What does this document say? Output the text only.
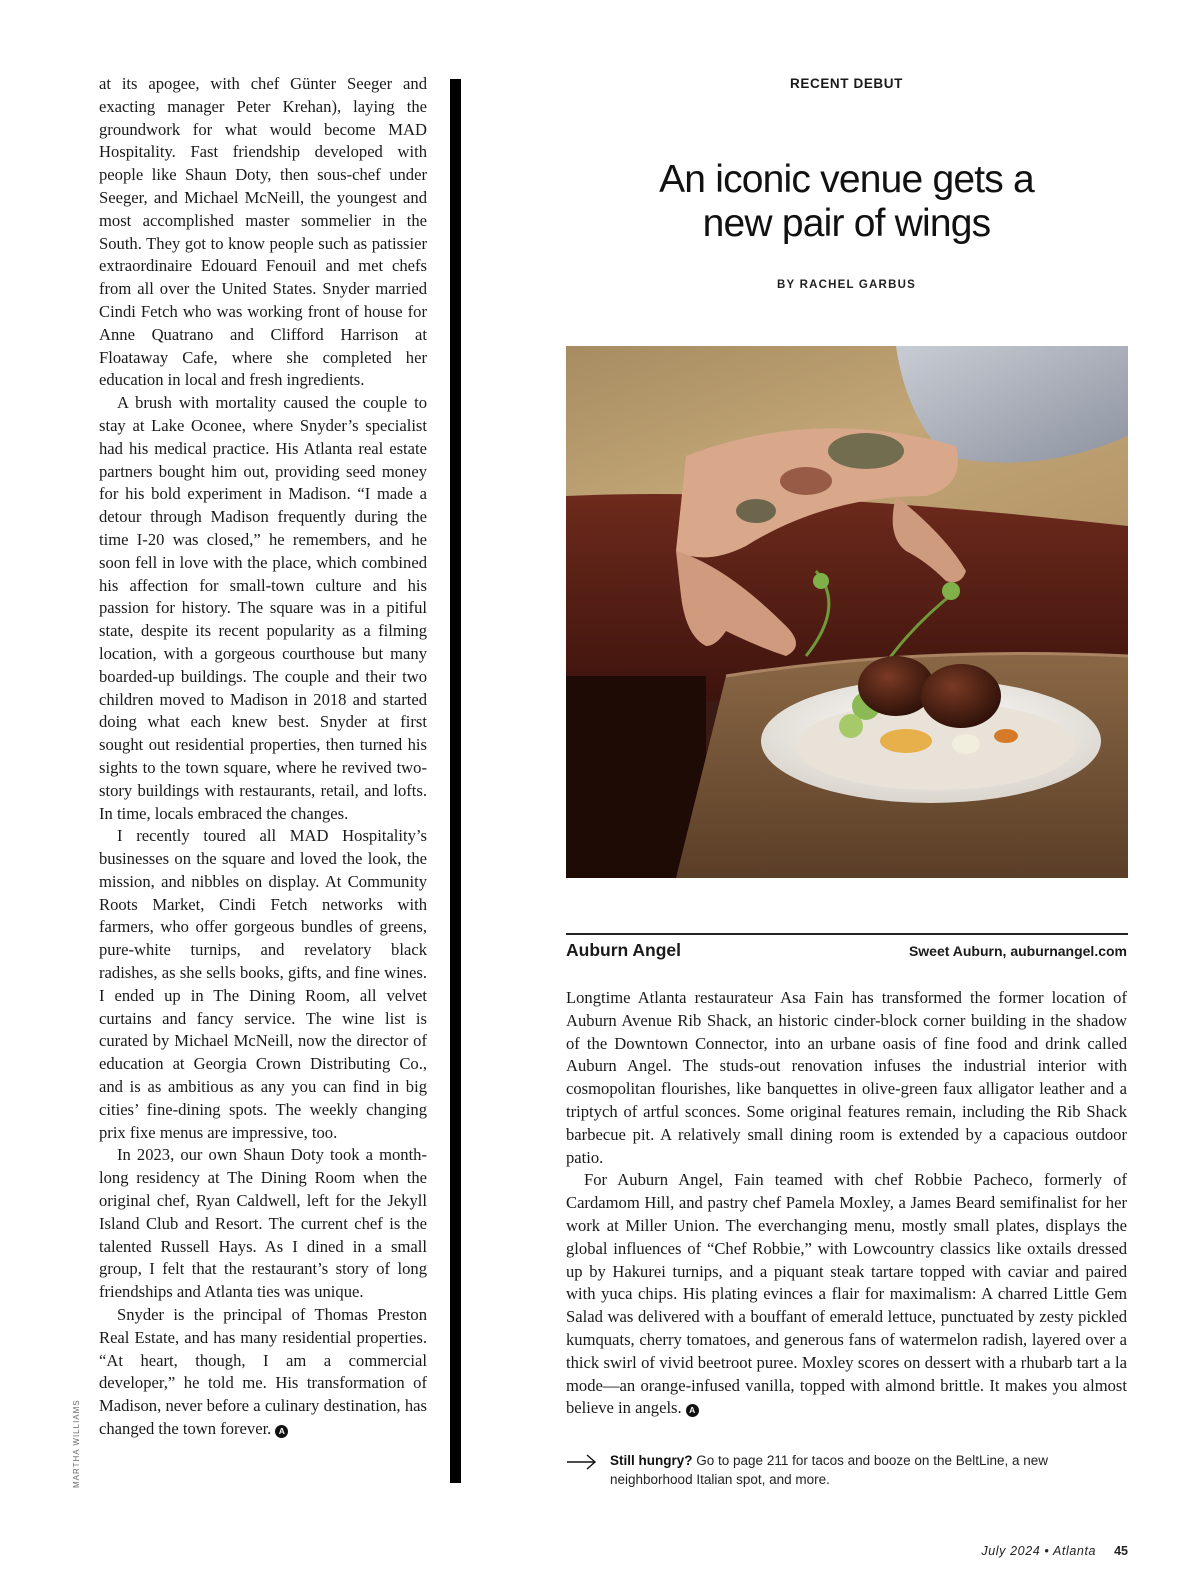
at its apogee, with chef Günter Seeger and exacting manager Peter Krehan), laying the groundwork for what would become MAD Hospitality. Fast friendship developed with people like Shaun Doty, then sous-chef under Seeger, and Michael McNeill, the youngest and most accomplished master sommelier in the South. They got to know people such as patissier extraordinaire Edouard Fenouil and met chefs from all over the United States. Snyder married Cindi Fetch who was working front of house for Anne Quatrano and Clifford Harrison at Floataway Cafe, where she completed her education in local and fresh ingredients.

A brush with mortality caused the couple to stay at Lake Oconee, where Snyder’s specialist had his medical practice. His Atlanta real estate partners bought him out, providing seed money for his bold experiment in Madison. “I made a detour through Madison frequently during the time I-20 was closed,” he remembers, and he soon fell in love with the place, which combined his affection for small-town culture and his passion for history. The square was in a pitiful state, despite its recent popularity as a filming location, with a gorgeous courthouse but many boarded-up buildings. The couple and their two children moved to Madison in 2018 and started doing what each knew best. Snyder at first sought out residential properties, then turned his sights to the town square, where he revived two-story buildings with restaurants, retail, and lofts. In time, locals embraced the changes.

I recently toured all MAD Hospitality’s businesses on the square and loved the look, the mission, and nibbles on display. At Community Roots Market, Cindi Fetch networks with farmers, who offer gorgeous bundles of greens, pure-white turnips, and revelatory black radishes, as she sells books, gifts, and fine wines. I ended up in The Dining Room, all velvet curtains and fancy service. The wine list is curated by Michael McNeill, now the director of education at Georgia Crown Distributing Co., and is as ambitious as any you can find in big cities’ fine-dining spots. The weekly changing prix fixe menus are impressive, too.

In 2023, our own Shaun Doty took a month-long residency at The Dining Room when the original chef, Ryan Caldwell, left for the Jekyll Island Club and Resort. The current chef is the talented Russell Hays. As I dined in a small group, I felt that the restaurant’s story of long friendships and Atlanta ties was unique.

Snyder is the principal of Thomas Preston Real Estate, and has many residential properties. “At heart, though, I am a commercial developer,” he told me. His transformation of Madison, never before a culinary destination, has changed the town forever. A

MARTHA WILLIAMS
RECENT DEBUT
An iconic venue gets a
new pair of wings
BY RACHEL GARBUS
Auburn Angel	Sweet Auburn, auburnangel.com

Longtime Atlanta restaurateur Asa Fain has transformed the former location of Auburn Avenue Rib Shack, an historic cinder-block corner building in the shadow of the Downtown Connector, into an urbane oasis of fine food and drink called Auburn Angel. The studs-out renovation infuses the industrial interior with cosmopolitan flourishes, like banquettes in olive-green faux alligator leather and a triptych of artful sconces. Some original features remain, including the Rib Shack barbecue pit. A relatively small dining room is extended by a capacious outdoor patio.

For Auburn Angel, Fain teamed with chef Robbie Pacheco, formerly of Cardamom Hill, and pastry chef Pamela Moxley, a James Beard semifinalist for her work at Miller Union. The everchanging menu, mostly small plates, displays the global influences of “Chef Robbie,” with Lowcountry classics like oxtails dressed up by Hakurei turnips, and a piquant steak tartare topped with caviar and paired with yuca chips. His plating evinces a flair for maximalism: A charred Little Gem Salad was delivered with a bouffant of emerald lettuce, punctuated by zesty pickled kumquats, cherry tomatoes, and generous fans of watermelon radish, layered over a thick swirl of vivid beetroot puree. Moxley scores on dessert with a rhubarb tart a la mode—an orange-infused vanilla, topped with almond brittle. It makes you almost believe in angels. A

Still hungry? Go to page 211 for tacos and booze on the BeltLine, a new neighborhood Italian spot, and more.
July 2024 • Atlanta 45
